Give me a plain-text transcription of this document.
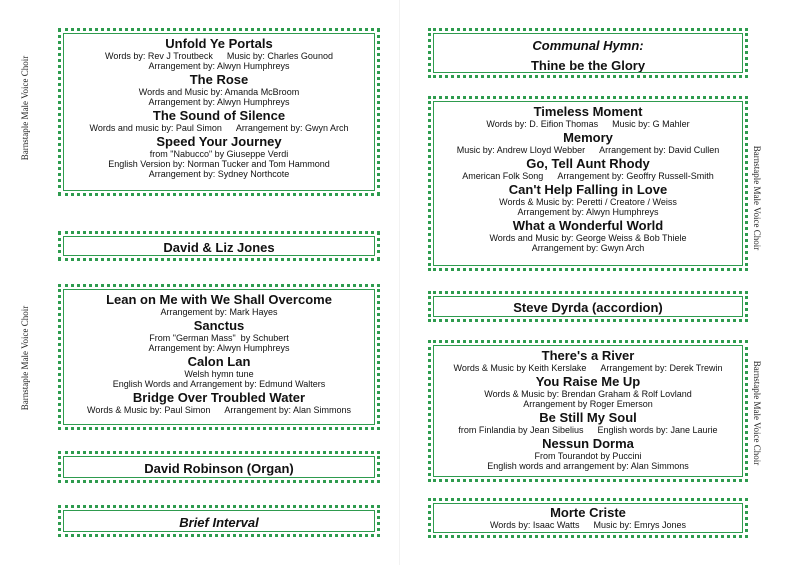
Barnstaple Male Voice Choir
Barnstaple Male Voice Choir
Barnstaple Male Voice Choir
Barnstaple Male Voice Choir
Unfold Ye Portals
Words by: Rev J Troutbeck Music by: Charles Gounod
Arrangement by: Alwyn Humphreys
The Rose
Words and Music by: Amanda McBroom
Arrangement by: Alwyn Humphreys
The Sound of Silence
Words and music by: Paul Simon Arrangement by: Gwyn Arch
Speed Your Journey
from "Nabucco" by Giuseppe Verdi
English Version by: Norman Tucker and Tom Hammond
Arrangement by: Sydney Northcote
David & Liz Jones
Lean on Me with We Shall Overcome
Arrangement by: Mark Hayes
Sanctus
From "German Mass"  by Schubert
Arrangement by: Alwyn Humphreys
Calon Lan
Welsh hymn tune
English Words and Arrangement by: Edmund Walters
Bridge Over Troubled Water
Words & Music by: Paul Simon Arrangement by: Alan Simmons
David Robinson (Organ)
Brief Interval
Communal Hymn:
Thine be the Glory
Timeless Moment
Words by: D. Eifion Thomas Music by: G Mahler
Memory
Music by: Andrew Lloyd Webber Arrangement by: David Cullen
Go, Tell Aunt Rhody
American Folk Song Arrangement by: Geoffry Russell-Smith
Can't Help Falling in Love
Words & Music by: Peretti / Creatore / Weiss
Arrangement by: Alwyn Humphreys
What a Wonderful World
Words and Music by: George Weiss & Bob Thiele
Arrangement by: Gwyn Arch
Steve Dyrda (accordion)
There's a River
Words & Music by Keith Kerslake Arrangement by: Derek Trewin
You Raise Me Up
Words & Music by: Brendan Graham & Rolf Lovland
Arrangement by Roger Emerson
Be Still My Soul
from Finlandia by Jean Sibelius English words by: Jane Laurie
Nessun Dorma
From Tourandot by Puccini
English words and arrangement by: Alan Simmons
Morte Criste
Words by: Isaac Watts Music by: Emrys Jones
